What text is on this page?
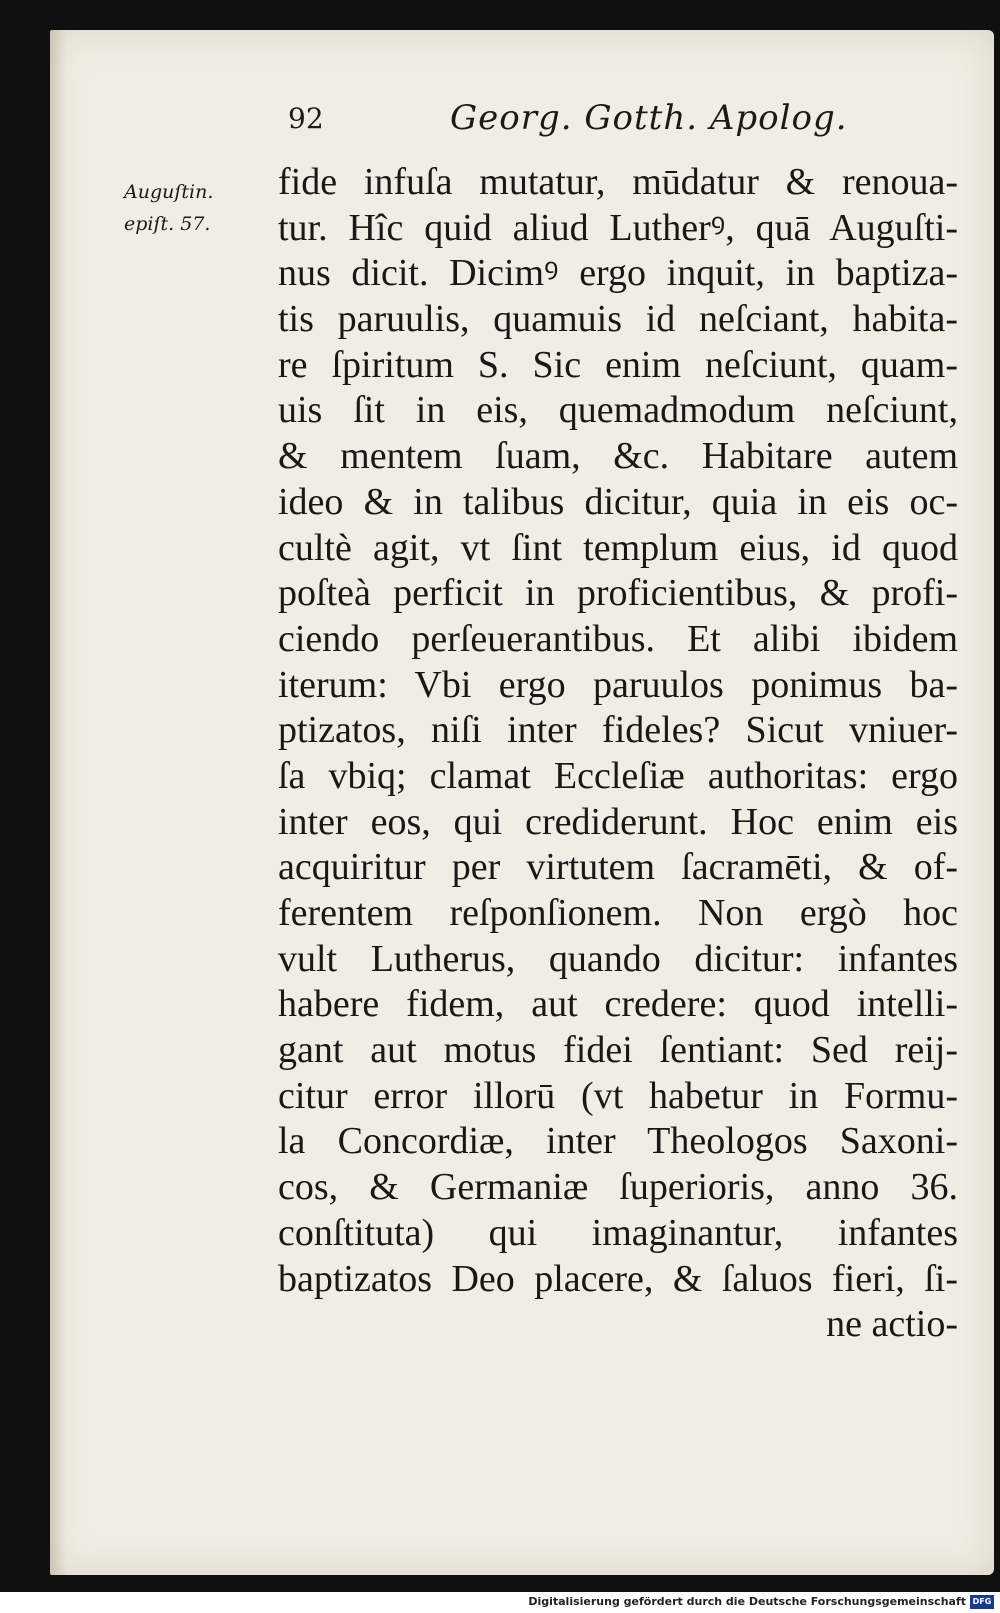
92	Georg. Gotth. Apolog.
Auguſtin.
epiſt. 57.
fide infuſa mutatur, mūdatur & renoua-
tur. Hîc quid aliud Lutherꝰ, quā Auguſti-
nus dicit. Dicimꝰ ergo inquit, in baptiza-
tis paruulis, quamuis id neſciant, habita-
re ſpiritum S. Sic enim neſciunt, quam-
uis ſit in eis, quemadmodum neſciunt,
& mentem ſuam, &c. Habitare autem
ideo & in talibus dicitur, quia in eis oc-
cultè agit, vt ſint templum eius, id quod
poſteà perficit in proficientibus, & profi-
ciendo perſeuerantibus. Et alibi ibidem
iterum: Vbi ergo paruulos ponimus ba-
ptizatos, niſi inter fideles? Sicut vniuer-
ſa vbiq; clamat Eccleſiæ authoritas: ergo
inter eos, qui crediderunt. Hoc enim eis
acquiritur per virtutem ſacramēti, & of-
ferentem reſponſionem. Non ergò hoc
vult Lutherus, quando dicitur: infantes
habere fidem, aut credere: quod intelli-
gant aut motus fidei ſentiant: Sed reij-
citur error illorū (vt habetur in Formu-
la Concordiæ, inter Theologos Saxoni-
cos, & Germaniæ ſuperioris, anno 36.
conſtituta) qui imaginantur, infantes
baptizatos Deo placere, & ſaluos fieri, ſi-
ne actio-
Digitalisierung gefördert durch die Deutsche Forschungsgemeinschaft DFG
